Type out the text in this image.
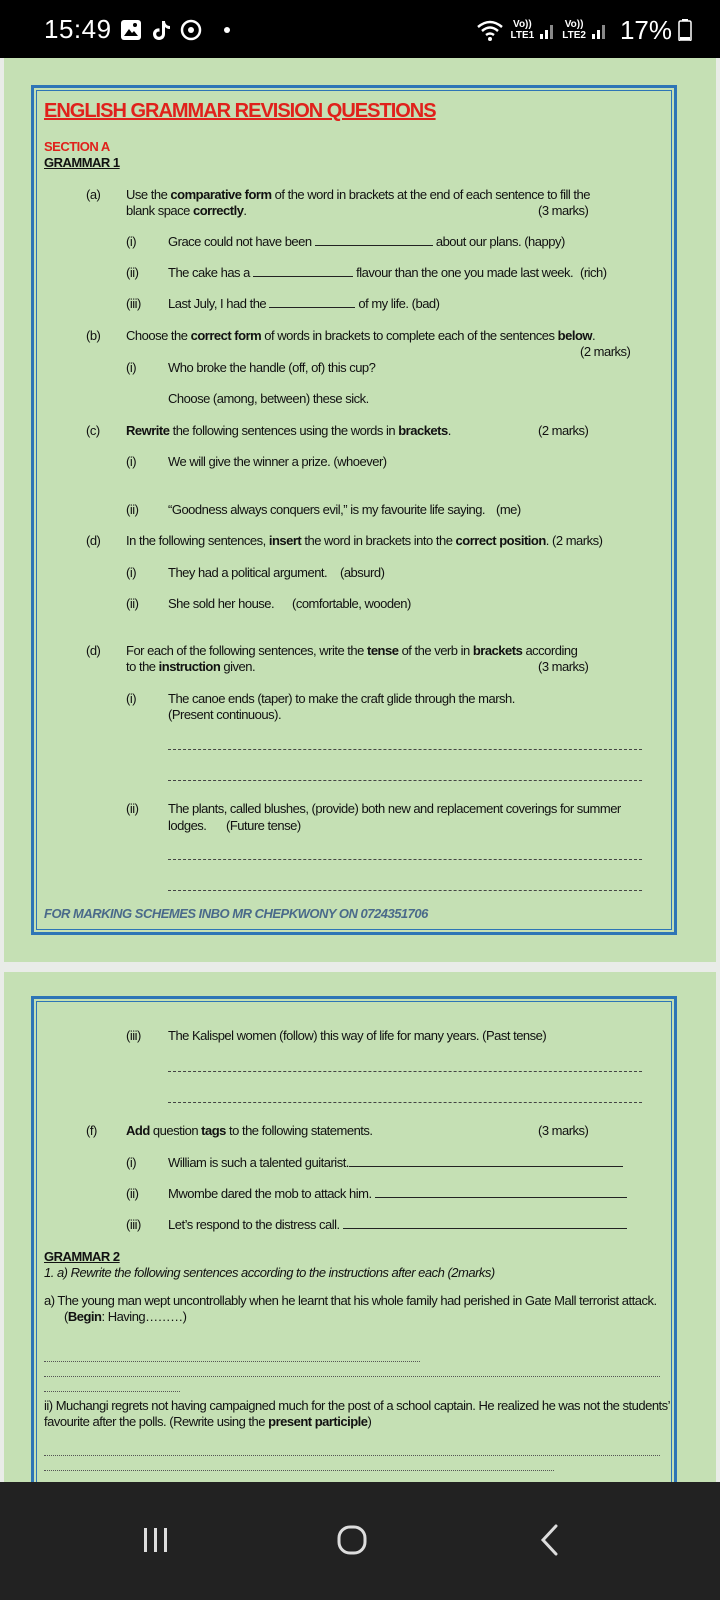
15:49	Vo))
LTE1
Vo))
LTE2 17%
ENGLISH GRAMMAR REVISION QUESTIONS
SECTION A
GRAMMAR 1
(a) Use the comparative form of the word in brackets at the end of each sentence to fill the
blank space correctly.	(3 marks)
(i) Grace could not have been	about our plans. (happy)
(ii) The cake has a	flavour than the one you made last week. (rich)
(iii) Last July, I had the	of my life. (bad)
(b) Choose the correct form of words in brackets to complete each of the sentences below.
(2 marks)
(i) Who broke the handle (off, of) this cup?
Choose (among, between) these sick.
(c) Rewrite the following sentences using the words in brackets.	(2 marks)
(i) We will give the winner a prize. (whoever)
(ii) “Goodness always conquers evil,” is my favourite life saying. (me)
(d) In the following sentences, insert the word in brackets into the correct position. (2 marks)
(i) They had a political argument. (absurd)
(ii) She sold her house. (comfortable, wooden)
(d) For each of the following sentences, write the tense of the verb in brackets according
to the instruction given.	(3 marks)
(i) The canoe ends (taper) to make the craft glide through the marsh.
(Present continuous).
(ii) The plants, called blushes, (provide) both new and replacement coverings for summer
lodges. (Future tense)
FOR MARKING SCHEMES INBO MR CHEPKWONY ON 0724351706
(iii) The Kalispel women (follow) this way of life for many years. (Past tense)
(f) Add question tags to the following statements.	(3 marks)
(i) William is such a talented guitarist.
(ii) Mwombe dared the mob to attack him.
(iii) Let’s respond to the distress call.
GRAMMAR 2
1. a) Rewrite the following sentences according to the instructions after each (2marks)
a) The young man wept uncontrollably when he learnt that his whole family had perished in Gate Mall terrorist attack.
(Begin: Having………)
ii) Muchangi regrets not having campaigned much for the post of a school captain. He realized he was not the students’
favourite after the polls. (Rewrite using the present participle)
